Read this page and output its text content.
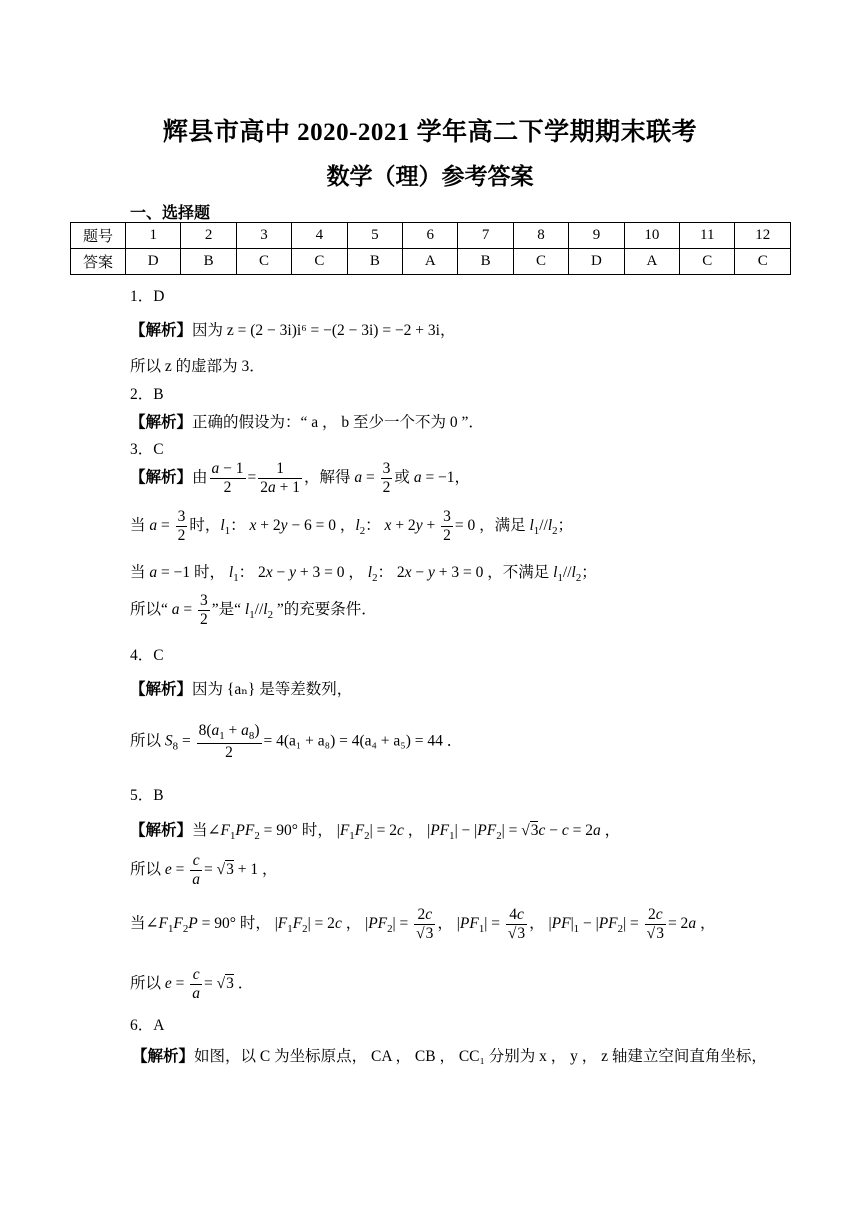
辉县市高中 2020-2021 学年高二下学期期末联考
数学（理）参考答案
一、选择题
题号	1	2	3	4	5	6	7	8	9	10	11	12
答案	D	B	C	C	B	A	B	C	D	A	C	C
1．D
【解析】因为 z = (2 − 3i)i⁶ = −(2 − 3i) = −2 + 3i，
所以 z 的虚部为 3．
2．B
【解析】正确的假设为：“ a ， b 至少一个不为 0 ”．
3．C
【解析】由 $\frac{a - 1}{2} = \frac{1}{2a + 1}$ ，解得 $a = \frac{3}{2}$ 或 a = −1，
当 $a = \frac{3}{2}$ 时，$l_1$： x + 2y − 6 = 0 ，$l_2$： $x + 2y + \frac{3}{2} = 0$ ，满足 $l_1//l_2$；
当 a = −1 时， $l_1$： 2x − y + 3 = 0 ， $l_2$： 2x − y + 3 = 0 ，不满足 $l_1//l_2$；
所以“ $a = \frac{3}{2}$ ”是“ $l_1//l_2$ ”的充要条件．
4．C
【解析】因为 {aₙ} 是等差数列，
所以 $S_8 = \frac{8(a_1 + a_8)}{2} = 4(a_1 + a_8) = 4(a_4 + a_5) = 44$ ．
5．B
【解析】当$\angle F_1PF_2 = 90^\circ$ 时， $|F_1F_2| = 2c$ ， $|PF_1| - |PF_2| = √3c - c = 2a$ ，
所以 $e = \frac{c}{a} = √3 + 1$ ，
当$\angle F_1F_2P = 90^\circ$ 时， $|F_1F_2| = 2c$ ， $|PF_2| = \frac{2c}{√3}$ ， $|PF_1| = \frac{4c}{√3}$ ， $|PF|_1 - |PF_2| = \frac{2c}{√3} = 2a$ ，
所以 $e = \frac{c}{a} = √3$ ．
6．A
【解析】如图，以 C 为坐标原点， CA ， CB ， CC₁ 分别为 x ， y ， z 轴建立空间直角坐标，
